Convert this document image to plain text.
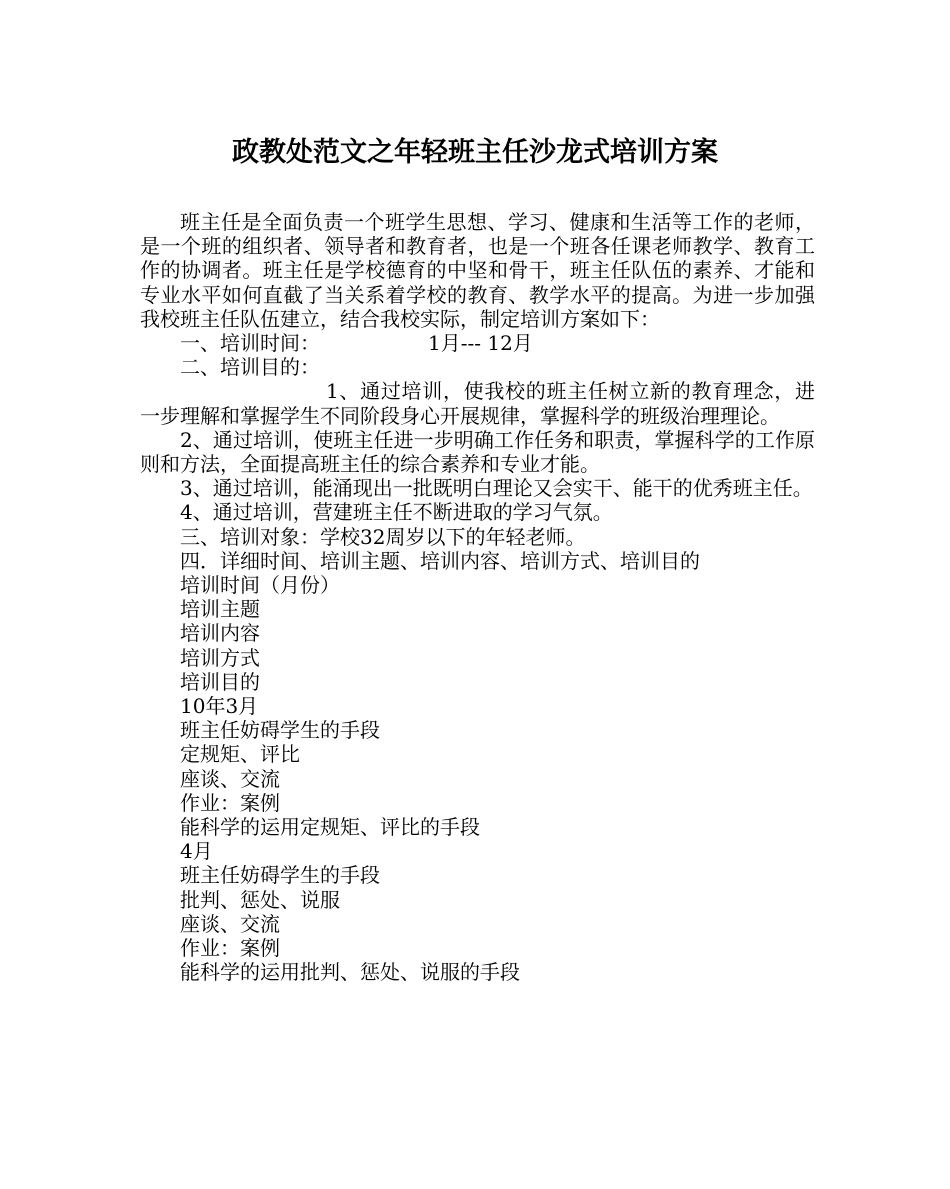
政教处范文之年轻班主任沙龙式培训方案

班主任是全面负责一个班学生思想、学习、健康和生活等工作的老师，是一个班的组织者、领导者和教育者，也是一个班各任课老师教学、教育工作的协调者。班主任是学校德育的中坚和骨干，班主任队伍的素养、才能和专业水平如何直截了当关系着学校的教育、教学水平的提高。为进一步加强我校班主任队伍建立，结合我校实际，制定培训方案如下：

一、培训时间：	1月--- 12月

二、培训目的：

1、通过培训，使我校的班主任树立新的教育理念，进一步理解和掌握学生不同阶段身心开展规律，掌握科学的班级治理理论。

2、通过培训，使班主任进一步明确工作任务和职责，掌握科学的工作原则和方法，全面提高班主任的综合素养和专业才能。

3、通过培训，能涌现出一批既明白理论又会实干、能干的优秀班主任。

4、通过培训，营建班主任不断进取的学习气氛。

三、培训对象：学校32周岁以下的年轻老师。

四．详细时间、培训主题、培训内容、培训方式、培训目的

培训时间（月份）

培训主题

培训内容

培训方式

培训目的

10年3月

班主任妨碍学生的手段

定规矩、评比

座谈、交流

作业：案例

能科学的运用定规矩、评比的手段

4月

班主任妨碍学生的手段

批判、惩处、说服

座谈、交流

作业：案例

能科学的运用批判、惩处、说服的手段
